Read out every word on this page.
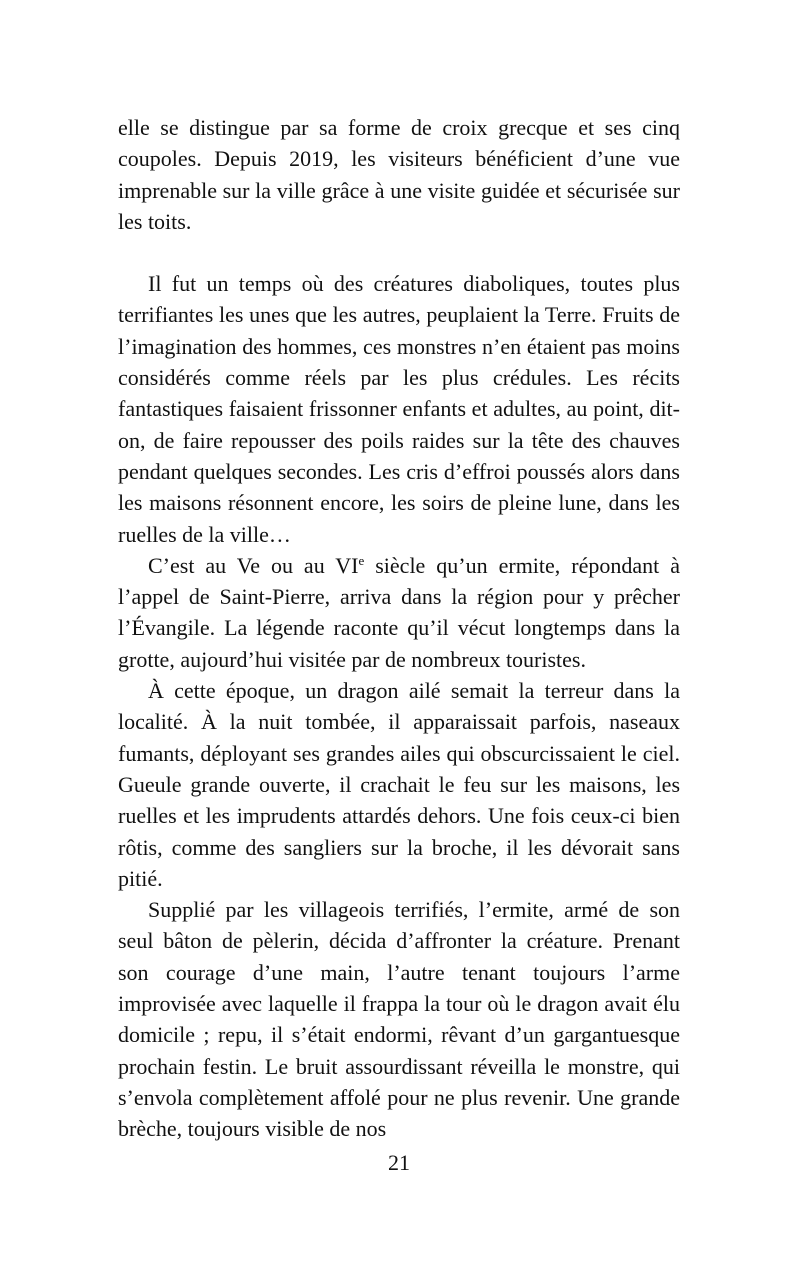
elle se distingue par sa forme de croix grecque et ses cinq coupoles. Depuis 2019, les visiteurs bénéficient d’une vue imprenable sur la ville grâce à une visite guidée et sécurisée sur les toits.

Il fut un temps où des créatures diaboliques, toutes plus terrifiantes les unes que les autres, peuplaient la Terre. Fruits de l’imagination des hommes, ces monstres n’en étaient pas moins considérés comme réels par les plus crédules. Les récits fantastiques faisaient frissonner enfants et adultes, au point, dit-on, de faire repousser des poils raides sur la tête des chauves pendant quelques secondes. Les cris d’effroi poussés alors dans les maisons résonnent encore, les soirs de pleine lune, dans les ruelles de la ville…

C’est au Ve ou au VIe siècle qu’un ermite, répondant à l’appel de Saint-Pierre, arriva dans la région pour y prêcher l’Évangile. La légende raconte qu’il vécut longtemps dans la grotte, aujourd’hui visitée par de nombreux touristes.

À cette époque, un dragon ailé semait la terreur dans la localité. À la nuit tombée, il apparaissait parfois, naseaux fumants, déployant ses grandes ailes qui obscurcissaient le ciel. Gueule grande ouverte, il crachait le feu sur les maisons, les ruelles et les imprudents attardés dehors. Une fois ceux-ci bien rôtis, comme des sangliers sur la broche, il les dévorait sans pitié.

Supplié par les villageois terrifiés, l’ermite, armé de son seul bâton de pèlerin, décida d’affronter la créature. Prenant son courage d’une main, l’autre tenant toujours l’arme improvisée avec laquelle il frappa la tour où le dragon avait élu domicile ; repu, il s’était endormi, rêvant d’un gargantuesque prochain festin. Le bruit assourdissant réveilla le monstre, qui s’envola complètement affolé pour ne plus revenir. Une grande brèche, toujours visible de nos

21
